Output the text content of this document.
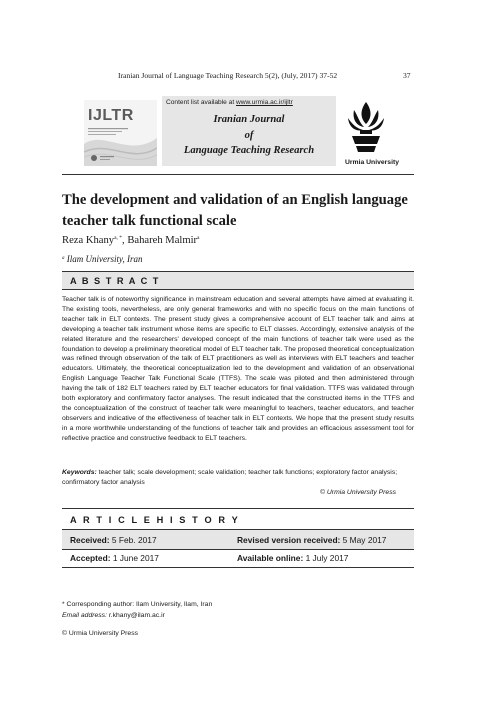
Iranian Journal of Language Teaching Research 5(2), (July, 2017) 37-52	37
IJLTR
Content list available at www.urmia.ac.ir/ijltr
Iranian Journal
of
Language Teaching Research
Urmia University
The development and validation of an English language teacher talk functional scale
Reza Khany$^{a, *}$, Bahareh Malmir$^a$
$^a$ Ilam University, Iran
A B S T R A C T
Teacher talk is of noteworthy significance in mainstream education and several attempts have aimed at evaluating it. The existing tools, nevertheless, are only general frameworks and with no specific focus on the main functions of teacher talk in ELT contexts. The present study gives a comprehensive account of ELT teacher talk and aims at developing a teacher talk instrument whose items are specific to ELT classes. Accordingly, extensive analysis of the related literature and the researchers' developed concept of the main functions of teacher talk were used as the foundation to develop a preliminary theoretical model of ELT teacher talk. The proposed theoretical conceptualization was refined through observation of the talk of ELT practitioners as well as interviews with ELT teachers and teacher educators. Ultimately, the theoretical conceptualization led to the development and validation of an observational English Language Teacher Talk Functional Scale (TTFS). The scale was piloted and then administered through having the talk of 182 ELT teachers rated by ELT teacher educators for final validation. TTFS was validated through both exploratory and confirmatory factor analyses. The result indicated that the constructed items in the TTFS and the conceptualization of the construct of teacher talk were meaningful to teachers, teacher educators, and teacher observers and indicative of the effectiveness of teacher talk in ELT contexts. We hope that the present study results in a more worthwhile understanding of the functions of teacher talk and provides an efficacious assessment tool for reflective practice and constructive feedback to ELT teachers.
Keywords: teacher talk; scale development; scale validation; teacher talk functions; exploratory factor analysis; confirmatory factor analysis
© Urmia University Press
A R T I C L E H I S T O R Y
Received: 5 Feb. 2017	Revised version received: 5 May 2017
Accepted: 1 June 2017	Available online: 1 July 2017
* Corresponding author: Ilam University, Ilam, Iran
Email address: r.khany@ilam.ac.ir
© Urmia University Press
